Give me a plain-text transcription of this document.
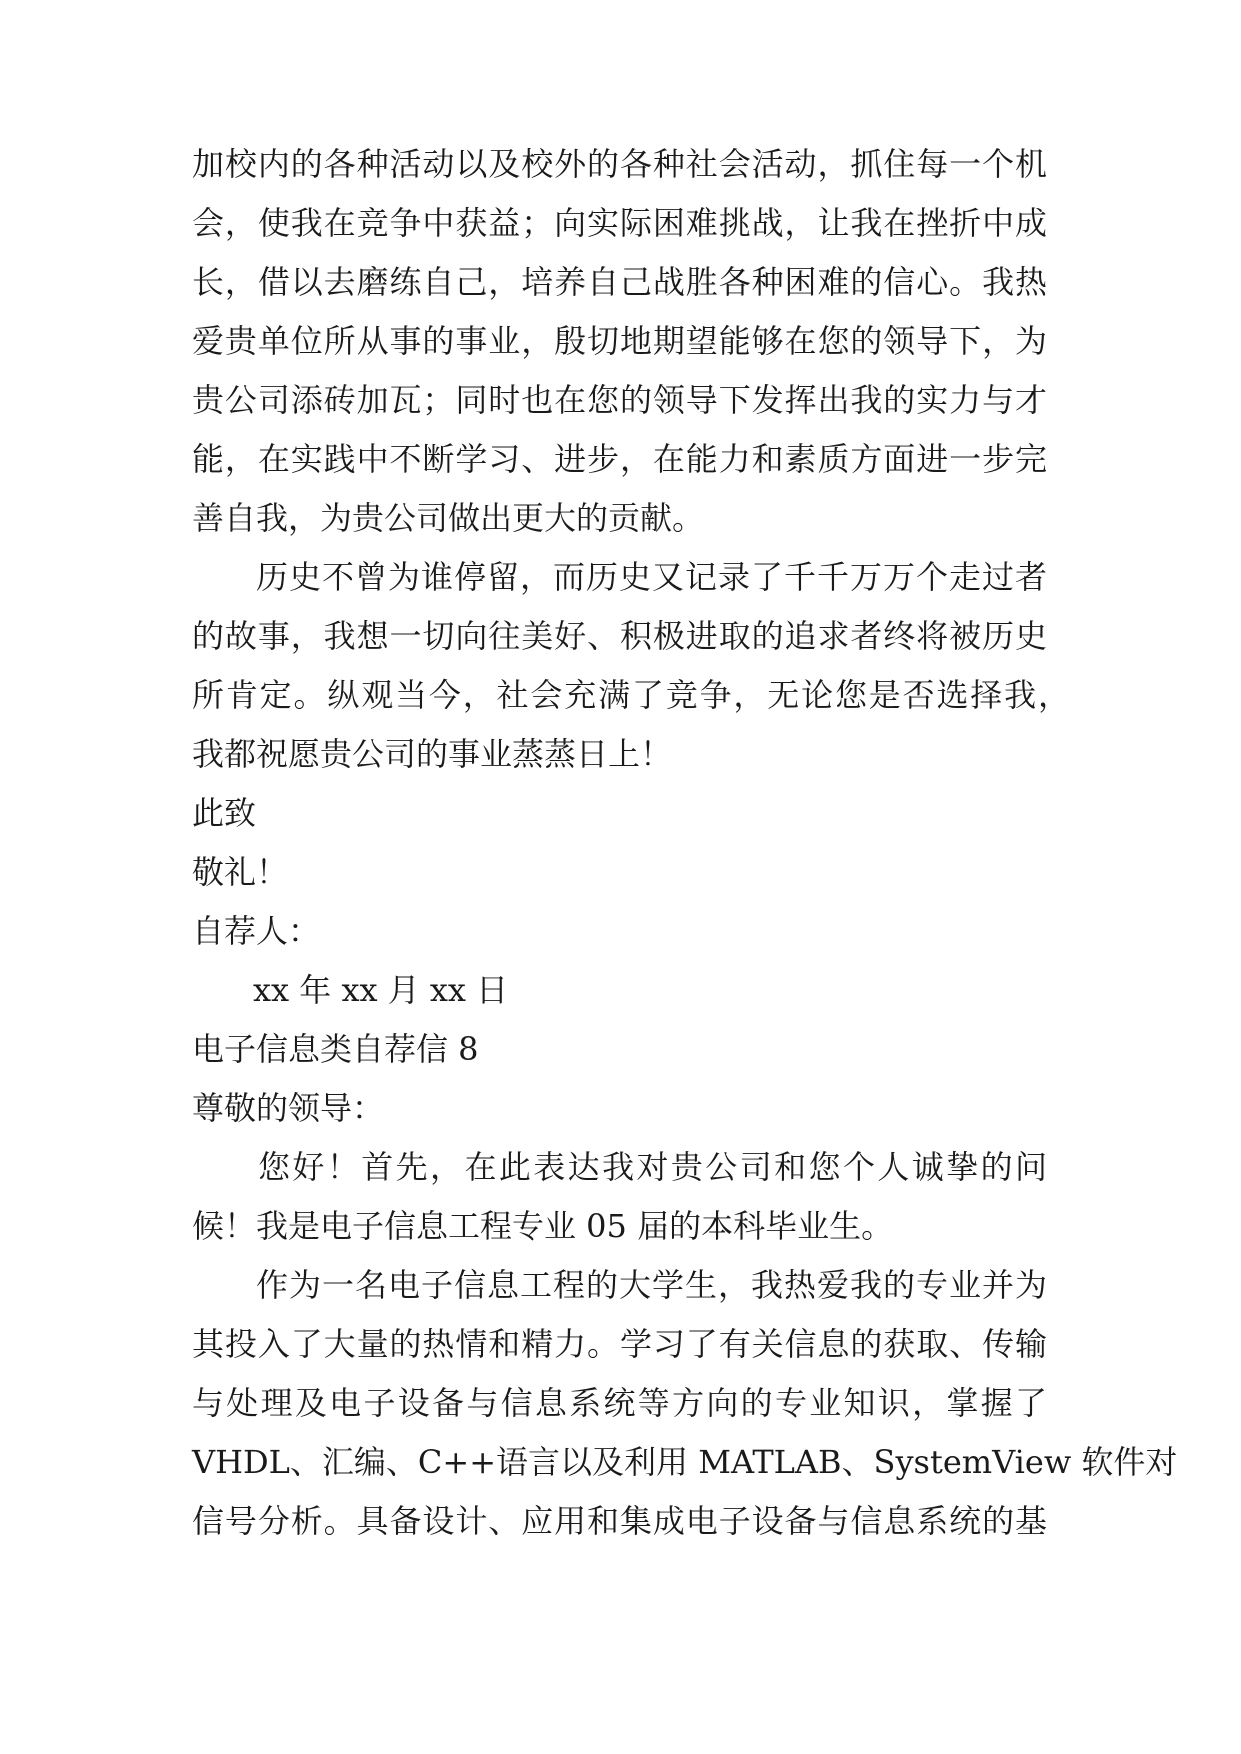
加校内的各种活动以及校外的各种社会活动，抓住每一个机
会，使我在竞争中获益；向实际困难挑战，让我在挫折中成
长，借以去磨练自己，培养自己战胜各种困难的信心。我热
爱贵单位所从事的事业，殷切地期望能够在您的领导下，为
贵公司添砖加瓦；同时也在您的领导下发挥出我的实力与才
能，在实践中不断学习、进步，在能力和素质方面进一步完
善自我，为贵公司做出更大的贡献。
历史不曾为谁停留，而历史又记录了千千万万个走过者
的故事，我想一切向往美好、积极进取的追求者终将被历史
所肯定。纵观当今，社会充满了竞争，无论您是否选择我，
我都祝愿贵公司的事业蒸蒸日上！
此致
敬礼！
自荐人：
xx 年 xx 月 xx 日
电子信息类自荐信 8
尊敬的领导：
您好！首先，在此表达我对贵公司和您个人诚挚的问
候！我是电子信息工程专业 05 届的本科毕业生。
作为一名电子信息工程的大学生，我热爱我的专业并为
其投入了大量的热情和精力。学习了有关信息的获取、传输
与处理及电子设备与信息系统等方向的专业知识，掌握了
VHDL、汇编、C++语言以及利用 MATLAB、SystemView 软件对
信号分析。具备设计、应用和集成电子设备与信息系统的基
